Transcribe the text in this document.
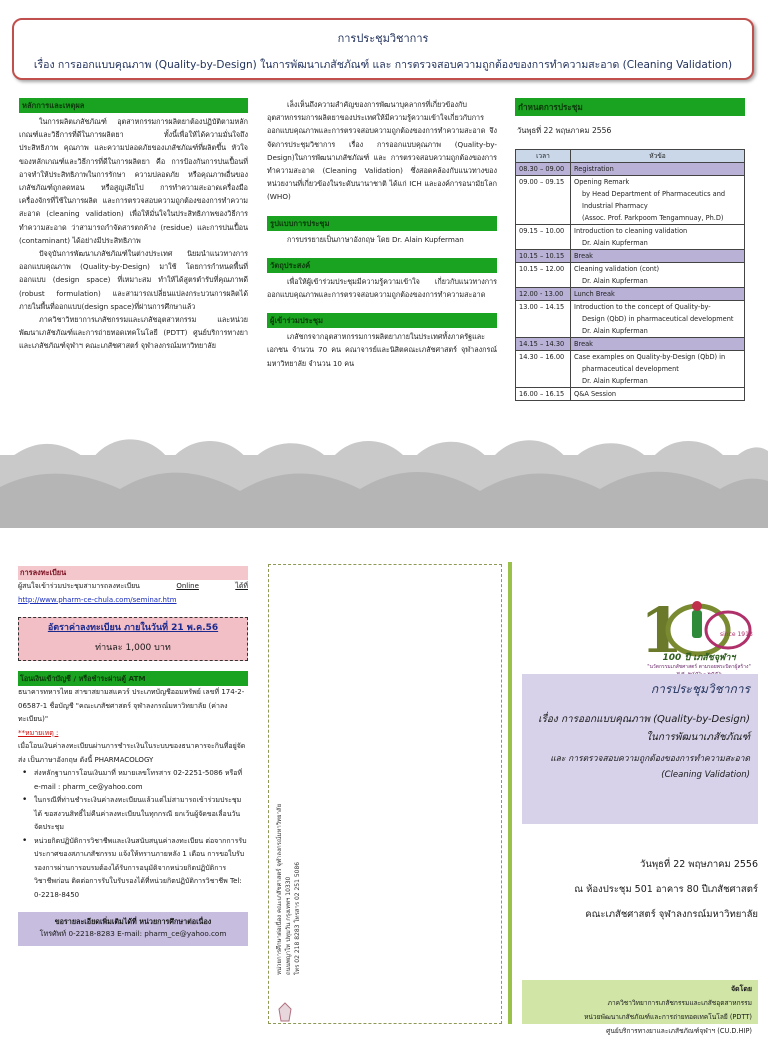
การประชุมวิชาการ
เรื่อง การออกแบบคุณภาพ (Quality-by-Design) ในการพัฒนาเภสัชภัณฑ์ และ การตรวจสอบความถูกต้องของการทำความสะอาด (Cleaning Validation)
หลักการและเหตุผล

ในการผลิตเภสัชภัณฑ์ อุตสาหกรรมการผลิตยาต้องปฏิบัติตามหลักเกณฑ์และวิธีการที่ดีในการผลิตยา ทั้งนี้เพื่อให้ได้ความมั่นใจถึงประสิทธิภาพ คุณภาพ และความปลอดภัยของเภสัชภัณฑ์ที่ผลิตขึ้น หัวใจของหลักเกณฑ์และวิธีการที่ดีในการผลิตยา คือ การป้องกันการปนเปื้อนที่อาจทำให้ประสิทธิภาพในการรักษา ความปลอดภัย หรือคุณภาพอื่นของเภสัชภัณฑ์ถูกลดทอน หรือสูญเสียไป การทำความสะอาดเครื่องมือเครื่องจักรที่ใช้ในการผลิต และการตรวจสอบความถูกต้องของการทำความสะอาด (cleaning validation) เพื่อให้มั่นใจในประสิทธิภาพของวิธีการทำความสะอาด ว่าสามารถกำจัดสารตกค้าง (residue) และการปนเปื้อน (contaminant) ได้อย่างมีประสิทธิภาพ

ปัจจุบันการพัฒนาเภสัชภัณฑ์ในต่างประเทศ นิยมนำแนวทางการออกแบบคุณภาพ (Quality-by-Design) มาใช้ โดยการกำหนดพื้นที่ออกแบบ (design space) ที่เหมาะสม ทำให้ได้สูตรตำรับที่คุณภาพดี (robust formulation) และสามารถเปลี่ยนแปลงกระบวนการผลิตได้ภายในพื้นที่ออกแบบ(design space)ที่ผ่านการศึกษาแล้ว

ภาควิชาวิทยาการเภสัชกรรมและเภสัชอุตสาหกรรม และหน่วยพัฒนาเภสัชภัณฑ์และการถ่ายทอดเทคโนโลยี (PDTT) ศูนย์บริการทางยาและเภสัชภัณฑ์จุฬาฯ คณะเภสัชศาสตร์ จุฬาลงกรณ์มหาวิทยาลัย

เล็งเห็นถึงความสำคัญของการพัฒนาบุคลากรที่เกี่ยวข้องกับอุตสาหกรรมการผลิตยาของประเทศให้มีความรู้ความเข้าใจเกี่ยวกับการออกแบบคุณภาพและการตรวจสอบความถูกต้องของการทำความสะอาด จึงจัดการประชุมวิชาการ เรื่อง การออกแบบคุณภาพ (Quality-by-Design)ในการพัฒนาเภสัชภัณฑ์ และ การตรวจสอบความถูกต้องของการทำความสะอาด (Cleaning Validation) ซึ่งสอดคล้องกับแนวทางของหน่วยงานที่เกี่ยวข้องในระดับนานาชาติ ได้แก่ ICH และองค์การอนามัยโลก (WHO)

รูปแบบการประชุม

การบรรยายเป็นภาษาอังกฤษ โดย Dr. Alain Kupferman

วัตถุประสงค์

เพื่อให้ผู้เข้าร่วมประชุมมีความรู้ความเข้าใจ เกี่ยวกับแนวทางการออกแบบคุณภาพและการตรวจสอบความถูกต้องของการทำความสะอาด

ผู้เข้าร่วมประชุม

เภสัชกรจากอุตสาหกรรมการผลิตยาภายในประเทศทั้งภาครัฐและเอกชน จำนวน 70 คน คณาจารย์และนิสิตคณะเภสัชศาสตร์ จุฬาลงกรณ์มหาวิทยาลัย จำนวน 10 คน

กำหนดการประชุม
วันพุธที่ 22 พฤษภาคม 2556
เวลา	หัวข้อ
08.30 – 09.00	Registration

09.00 – 09.15	Opening Remark
by Head Department of Pharmaceutics and
Industrial Pharmacy
(Assoc. Prof. Parkpoom Tengamnuay, Ph.D)

09.15 – 10.00	Introduction to cleaning validation
Dr. Alain Kupferman

10.15 – 10.15	Break

10.15 – 12.00	Cleaning validation (cont)
Dr. Alain Kupferman

12.00 - 13.00	Lunch Break

13.00 – 14.15	Introduction to the concept of Quality-by-
Design (QbD) in pharmaceutical development
Dr. Alain Kupferman

14.15 – 14.30	Break

14.30 – 16.00	Case examples on Quality-by-Design (QbD) in
pharmaceutical development
Dr. Alain Kupferman

16.00 – 16.15	Q&A Session
การลงทะเบียน
ผู้สนใจเข้าร่วมประชุมสามารถลงทะเบียน	Online	ได้ที่
http://www.pharm-ce-chula.com/seminar.htm
อัตราค่าลงทะเบียน ภายในวันที่ 21 พ.ค.56
ท่านละ 1,000 บาท
โอนเงินเข้าบัญชี / หรือชำระผ่านตู้ ATM
ธนาคารทหารไทย สาขาสยามสแควร์ ประเภทบัญชีออมทรัพย์ เลขที่ 174-2-06587-1 ชื่อบัญชี "คณะเภสัชศาสตร์ จุฬาลงกรณ์มหาวิทยาลัย (ค่าลงทะเบียน)"
**หมายเหตุ :
เมื่อโอนเงินค่าลงทะเบียนผ่านการชำระเงินในระบบของธนาคารจะกินที่อยู่จัดส่ง เป็นภาษาอังกฤษ ดังนี้ PHARMACOLOGY
• ส่งหลักฐานการโอนเงินมาที่ หมายเลขโทรสาร 02-2251-5086 หรือที่ e-mail : pharm_ce@yahoo.com
• ในกรณีที่ท่านชำระเงินค่าลงทะเบียนแล้วแต่ไม่สามารถเข้าร่วมประชุมได้ ขอสงวนสิทธิ์ไม่คืนค่าลงทะเบียนในทุกกรณี ยกเว้นผู้จัดขอเลื่อนวันจัดประชุม
• หน่วยกิตปฏิบัติการวิชาชีพและเงินสนับสนุนค่าลงทะเบียน ต่อจากการรับประกาศของสภาเภสัชกรรม แจ้งให้ทราบภายหลัง 1 เดือน การขอใบรับรองการผ่านการอบรมต้องได้รับการอนุมัติจากหน่วยกิตปฏิบัติการวิชาชีพก่อน ติดต่อการรับใบรับรองได้ที่หน่วยกิตปฏิบัติการวิชาชีพ Tel: 0-2218-8450
ขอรายละเอียดเพิ่มเติมได้ที่ หน่วยการศึกษาต่อเนื่อง
โทรศัพท์ 0-2218-8283 E-mail: pharm_ce@yahoo.com	หน่วยการศึกษาต่อเนื่อง คณะเภสัชศาสตร์ จุฬาลงกรณ์มหาวิทยาลัย ถนนพญาไท ปทุมวัน กรุงเทพฯ 10330 โทร 02 218 8283 โทรสาร 02 251 5086
1	since 1913
100 ปี เภสัชจุฬาฯ
"นวัตกรรมเภสัชศาสตร์ ตามรอยพระบิดาผู้สร้าง"
การประชุมวิชาการ
เรื่อง การออกแบบคุณภาพ (Quality-by-Design)
ในการพัฒนาเภสัชภัณฑ์
และ การตรวจสอบความถูกต้องของการทำความสะอาด
(Cleaning Validation)
วันพุธที่ 22 พฤษภาคม 2556
ณ ห้องประชุม 501 อาคาร 80 ปีเภสัชศาสตร์
คณะเภสัชศาสตร์ จุฬาลงกรณ์มหาวิทยาลัย
จัดโดย
ภาควิชาวิทยาการเภสัชกรรมและเภสัชอุตสาหกรรม
หน่วยพัฒนาเภสัชภัณฑ์และการถ่ายทอดเทคโนโลยี (PDTT)
ศูนย์บริการทางยาและเภสัชภัณฑ์จุฬาฯ (CU.D.HIP)
